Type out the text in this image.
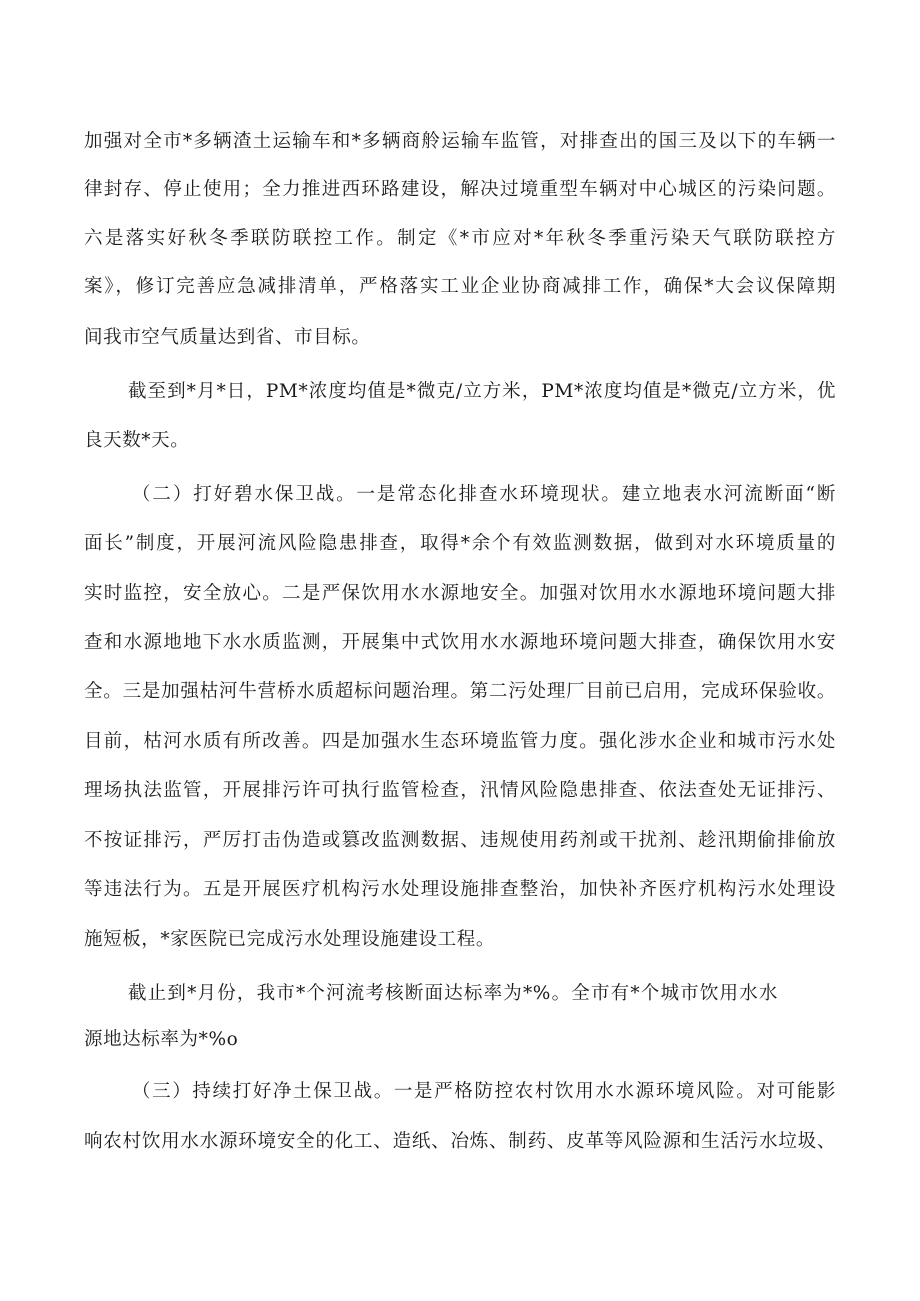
加强对全市*多辆渣土运输车和*多辆商舲运输车监管，对排查出的国三及以下的车辆一
律封存、停止使用；全力推进西环路建设，解决过境重型车辆对中心城区的污染问题。
六是落实好秋冬季联防联控工作。制定《*市应对*年秋冬季重污染天气联防联控方
案》，修订完善应急减排清单，严格落实工业企业协商减排工作，确保*大会议保障期
间我市空气质量达到省、市目标。
截至到*月*日，PM*浓度均值是*微克/立方米，PM*浓度均值是*微克/立方米，优
良天数*天。
（二）打好碧水保卫战。一是常态化排查水环境现状。建立地表水河流断面“断
面长”制度，开展河流风险隐患排查，取得*余个有效监测数据，做到对水环境质量的
实时监控，安全放心。二是严保饮用水水源地安全。加强对饮用水水源地环境问题大排
查和水源地地下水水质监测，开展集中式饮用水水源地环境问题大排查，确保饮用水安
全。三是加强枯河牛营桥水质超标问题治理。第二污处理厂目前已启用，完成环保验收。
目前，枯河水质有所改善。四是加强水生态环境监管力度。强化涉水企业和城市污水处
理场执法监管，开展排污许可执行监管检查，汛情风险隐患排查、依法查处无证排污、
不按证排污，严厉打击伪造或篡改监测数据、违规使用药剂或干扰剂、趁汛期偷排偷放
等违法行为。五是开展医疗机构污水处理设施排查整治，加快补齐医疗机构污水处理设
施短板，*家医院已完成污水处理设施建设工程。
截止到*月份，我市*个河流考核断面达标率为*%。全市有*个城市饮用水水
源地达标率为*%o
（三）持续打好净土保卫战。一是严格防控农村饮用水水源环境风险。对可能影
响农村饮用水水源环境安全的化工、造纸、冶炼、制药、皮革等风险源和生活污水垃圾、
